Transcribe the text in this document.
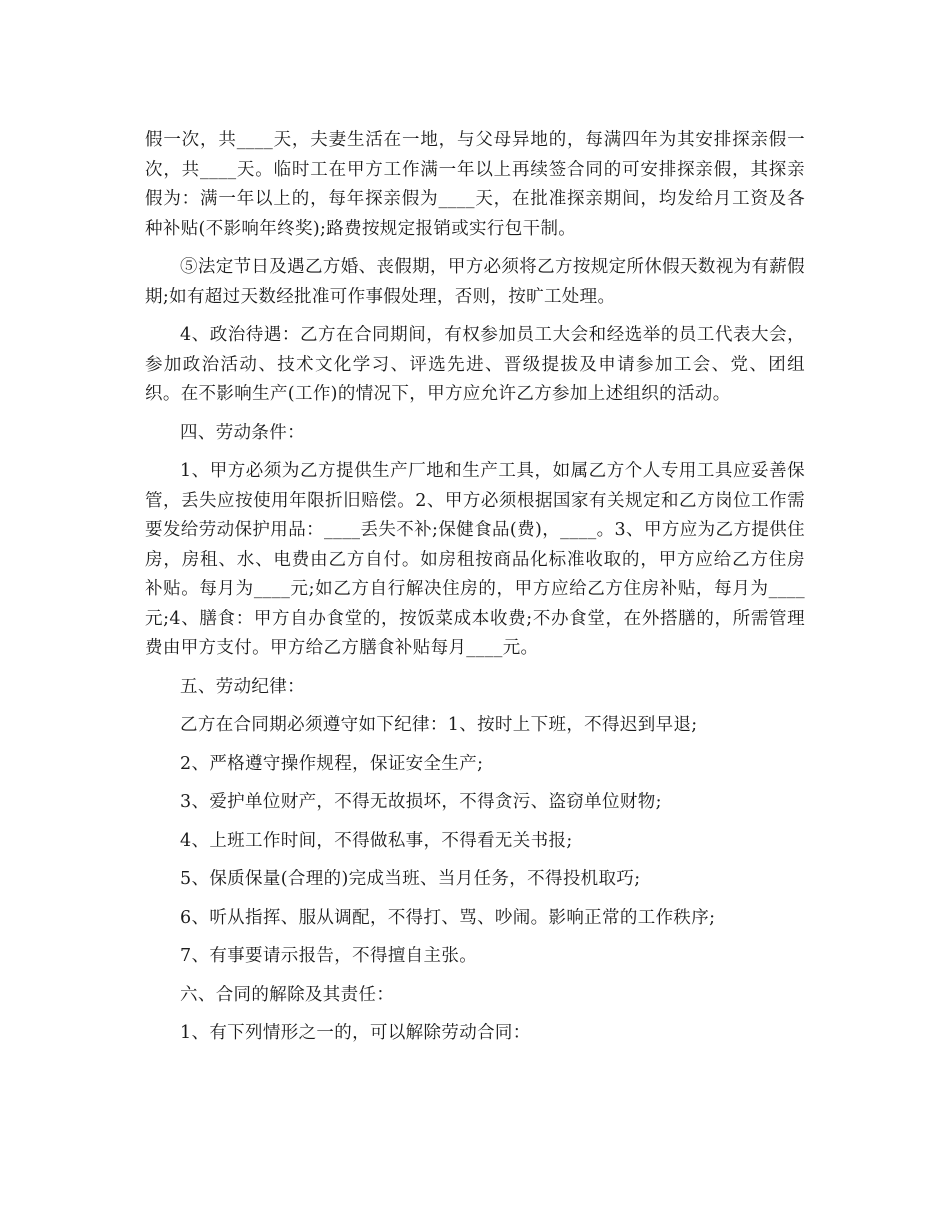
假一次，共____天，夫妻生活在一地，与父母异地的，每满四年为其安排探亲假一次，共____天。临时工在甲方工作满一年以上再续签合同的可安排探亲假，其探亲假为：满一年以上的，每年探亲假为____天，在批准探亲期间，均发给月工资及各种补贴(不影响年终奖);路费按规定报销或实行包干制。

⑤法定节日及遇乙方婚、丧假期，甲方必须将乙方按规定所休假天数视为有薪假期;如有超过天数经批准可作事假处理，否则，按旷工处理。

4、政治待遇：乙方在合同期间，有权参加员工大会和经选举的员工代表大会，参加政治活动、技术文化学习、评选先进、晋级提拔及申请参加工会、党、团组织。在不影响生产(工作)的情况下，甲方应允许乙方参加上述组织的活动。

四、劳动条件：

1、甲方必须为乙方提供生产厂地和生产工具，如属乙方个人专用工具应妥善保管，丢失应按使用年限折旧赔偿。2、甲方必须根据国家有关规定和乙方岗位工作需要发给劳动保护用品：____丢失不补;保健食品(费)，____。3、甲方应为乙方提供住房，房租、水、电费由乙方自付。如房租按商品化标准收取的，甲方应给乙方住房补贴。每月为____元;如乙方自行解决住房的，甲方应给乙方住房补贴，每月为____元;4、膳食：甲方自办食堂的，按饭菜成本收费;不办食堂，在外搭膳的，所需管理费由甲方支付。甲方给乙方膳食补贴每月____元。

五、劳动纪律：

乙方在合同期必须遵守如下纪律：1、按时上下班，不得迟到早退;

2、严格遵守操作规程，保证安全生产;

3、爱护单位财产，不得无故损坏，不得贪污、盗窃单位财物;

4、上班工作时间，不得做私事，不得看无关书报;

5、保质保量(合理的)完成当班、当月任务，不得投机取巧;

6、听从指挥、服从调配，不得打、骂、吵闹。影响正常的工作秩序;

7、有事要请示报告，不得擅自主张。

六、合同的解除及其责任：

1、有下列情形之一的，可以解除劳动合同：
